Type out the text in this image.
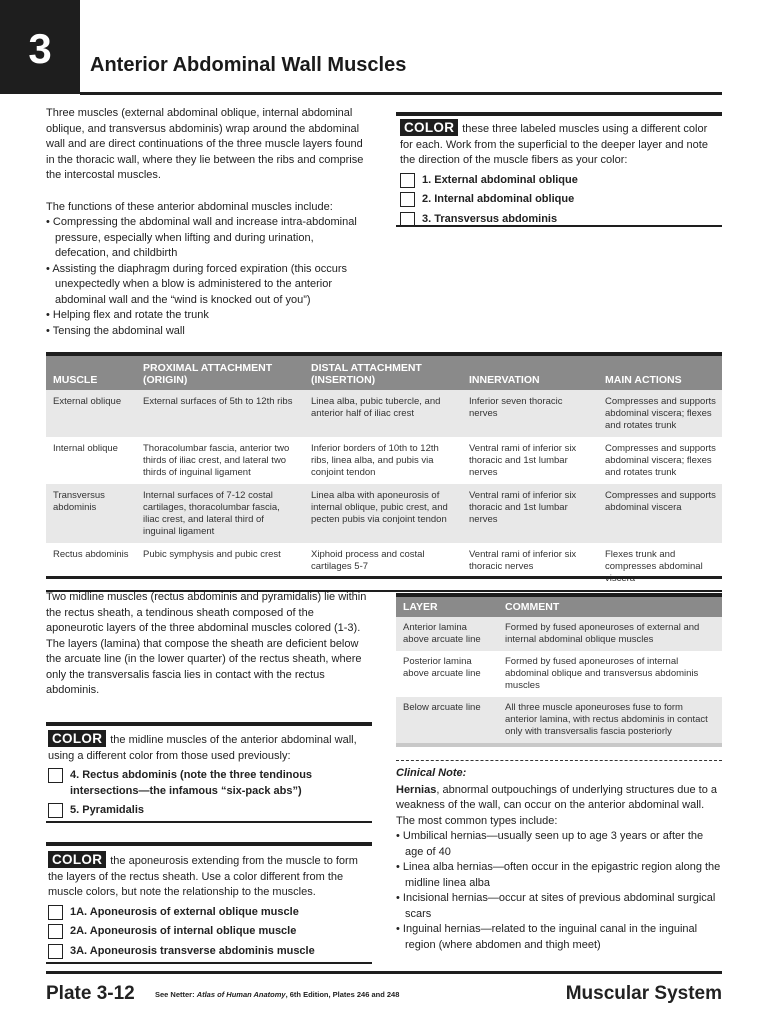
3 Anterior Abdominal Wall Muscles

Three muscles (external abdominal oblique, internal abdominal oblique, and transversus abdominis) wrap around the abdominal wall and are direct continuations of the three muscle layers found in the thoracic wall, where they lie between the ribs and comprise the intercostal muscles.

The functions of these anterior abdominal muscles include:
• Compressing the abdominal wall and increase intra-abdominal pressure, especially when lifting and during urination, defecation, and childbirth
• Assisting the diaphragm during forced expiration (this occurs unexpectedly when a blow is administered to the anterior abdominal wall and the “wind is knocked out of you”)
• Helping flex and rotate the trunk
• Tensing the abdominal wall
COLOR these three labeled muscles using a different color for each. Work from the superficial to the deeper layer and note the direction of the muscle fibers as your color:
1. External abdominal oblique
2. Internal abdominal oblique
3. Transversus abdominis
MUSCLE	PROXIMAL ATTACHMENT (ORIGIN)	DISTAL ATTACHMENT (INSERTION)	INNERVATION	MAIN ACTIONS
External oblique	External surfaces of 5th to 12th ribs	Linea alba, pubic tubercle, and anterior half of iliac crest	Inferior seven thoracic nerves	Compresses and supports abdominal viscera; flexes and rotates trunk
Internal oblique	Thoracolumbar fascia, anterior two thirds of iliac crest, and lateral two thirds of inguinal ligament	Inferior borders of 10th to 12th ribs, linea alba, and pubis via conjoint tendon	Ventral rami of inferior six thoracic and 1st lumbar nerves	Compresses and supports abdominal viscera; flexes and rotates trunk
Transversus abdominis	Internal surfaces of 7-12 costal cartilages, thoracolumbar fascia, iliac crest, and lateral third of inguinal ligament	Linea alba with aponeurosis of internal oblique, pubic crest, and pecten pubis via conjoint tendon	Ventral rami of inferior six thoracic and 1st lumbar nerves	Compresses and supports abdominal viscera
Rectus abdominis	Pubic symphysis and pubic crest	Xiphoid process and costal cartilages 5-7	Ventral rami of inferior six thoracic nerves	Flexes trunk and compresses abdominal

Two midline muscles (rectus abdominis and pyramidalis) lie within the rectus sheath, a tendinous sheath composed of the aponeurotic layers of the three abdominal muscles colored (1-3). The layers (lamina) that compose the sheath are deficient below the arcuate line (in the lower quarter) of the rectus sheath, where only the transversalis fascia lies in contact with the rectus abdominis.

LAYER	COMMENT
Anterior lamina above arcuate line	Formed by fused aponeuroses of external and internal abdominal oblique muscles
Posterior lamina above arcuate line	Formed by fused aponeuroses of internal abdominal oblique and transversus abdominis muscles
Below arcuate line	All three muscle aponeuroses fuse to form anterior lamina, with rectus abdominis in contact only with transversalis fascia posteriorly
COLOR the midline muscles of the anterior abdominal wall, using a different color from those used previously:
4. Rectus abdominis (note the three tendinous intersections—the infamous “six-pack abs”)
5. Pyramidalis
COLOR the aponeurosis extending from the muscle to form the layers of the rectus sheath. Use a color different from the muscle colors, but note the relationship to the muscles.
1A. Aponeurosis of external oblique muscle
2A. Aponeurosis of internal oblique muscle
3A. Aponeurosis transverse abdominis muscle
Clinical Note:

Hernias, abnormal outpouchings of underlying structures due to a weakness of the wall, can occur on the anterior abdominal wall. The most common types include:

• Umbilical hernias—usually seen up to age 3 years or after the age of 40
• Linea alba hernias—often occur in the epigastric region along the midline linea alba
• Incisional hernias—occur at sites of previous abdominal surgical scars
• Inguinal hernias—related to the inguinal canal in the inguinal region (where abdomen and thigh meet)
Plate 3-12	See Netter: Atlas of Human Anatomy, 6th Edition, Plates 246 and 248	Muscular System
